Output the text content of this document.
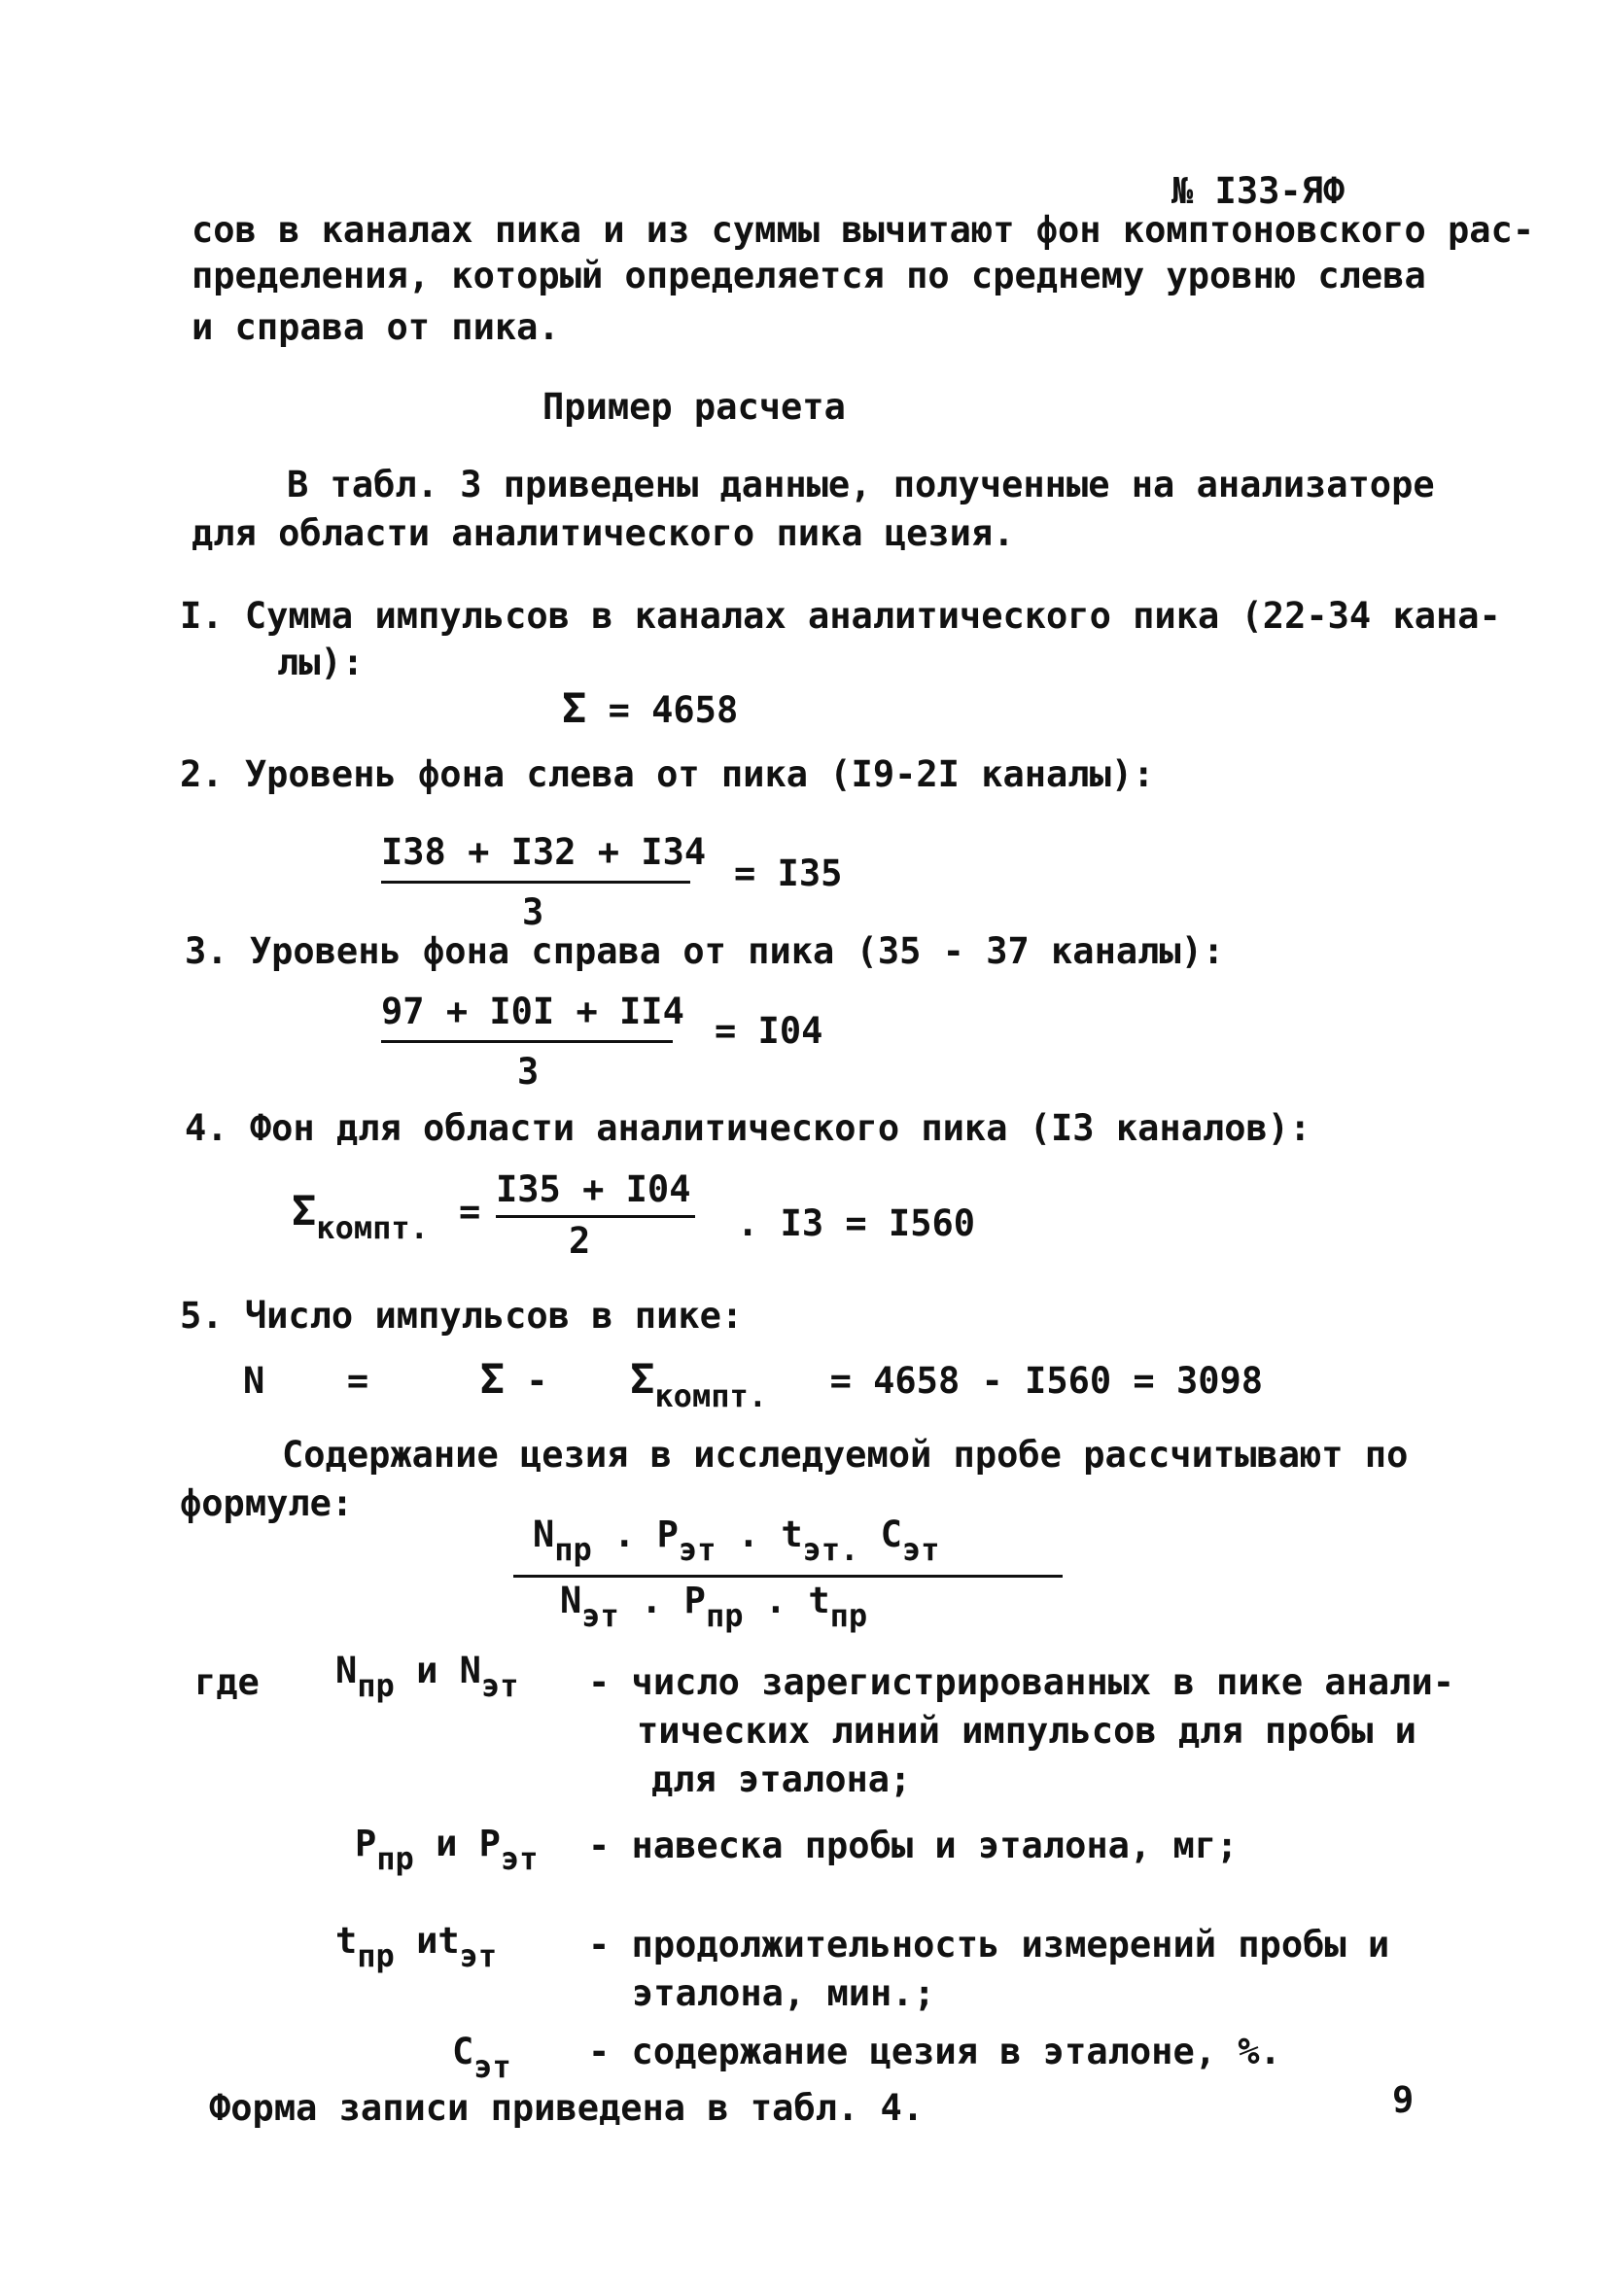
№ I33-ЯФ
сов в каналах пика и из суммы вычитают фон комптоновского рас-
пределения, который определяется по среднему уровню слева
и справа от пика.
Пример расчета
В табл. 3 приведены данные, полученные на анализаторе
для области аналитического пика цезия.
I. Сумма импульсов в каналах аналитического пика (22-34 кана-
лы):
Σ = 4658
2. Уровень фона слева от пика (I9-2I каналы):
I38 + I32 + I34
3
= I35
3. Уровень фона справа от пика (35 - 37 каналы):
97 + I0I + II4
3
= I04
4. Фон для области аналитического пика (I3 каналов):
Σкомпт. =
I35 + I04
2	. I3 = I560
5. Число импульсов в пике:
N =	Σ - Σкомпт. = 4658 - I560 = 3098
Содержание цезия в исследуемой пробе рассчитывают по
формуле:
Nпр . Pэт . tэт. Cэт
Nэт . Pпр . tпр
где Nпр и Nэт - число зарегистрированных в пике анали-
тических линий импульсов для пробы и
для эталона;
Pпр и Pэт - навеска пробы и эталона, мг;
tпр иtэт	- продолжительность измерений пробы и
эталона, мин.;
Cэт - содержание цезия в эталоне, %.
Форма записи приведена в табл. 4.	9
